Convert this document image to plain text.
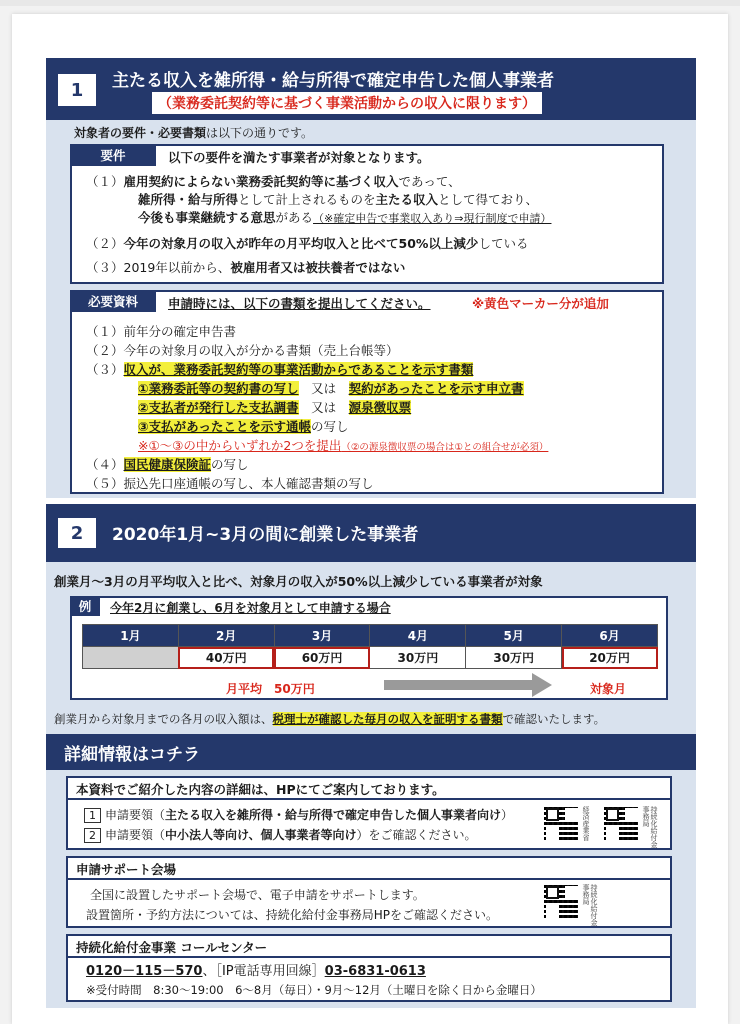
1	主たる収入を雑所得・給与所得で確定申告した個人事業者
（業務委託契約等に基づく事業活動からの収入に限ります）
対象者の要件・必要書類は以下の通りです。
要件	以下の要件を満たす事業者が対象となります。
（１）雇用契約によらない業務委託契約等に基づく収入であって、
雑所得・給与所得として計上されるものを主たる収入として得ており、
今後も事業継続する意思がある（※確定申告で事業収入あり⇒現行制度で申請）
（２）今年の対象月の収入が昨年の月平均収入と比べて50%以上減少している
（３）2019年以前から、被雇用者又は被扶養者ではない
必要資料	申請時には、以下の書類を提出してください。	※黄色マーカー分が追加
（１）前年分の確定申告書
（２）今年の対象月の収入が分かる書類（売上台帳等）
（３）収入が、業務委託契約等の事業活動からであることを示す書類
①業務委託等の契約書の写し　 又は　 契約があったことを示す申立書
②支払者が発行した支払調書　 又は　 源泉徴収票
③支払があったことを示す通帳の写し
※①～③の中からいずれか2つを提出（②の源泉徴収票の場合は①との組合せが必須）
（４）国民健康保険証の写し
（５）振込先口座通帳の写し、本人確認書類の写し
2	2020年1月~3月の間に創業した事業者
創業月～3月の月平均収入と比べ、対象月の収入が50%以上減少している事業者が対象
例	今年2月に創業し、6月を対象月として申請する場合
1月	2月	3月	4月	5月	6月
	40万円	60万円	30万円	30万円	20万円
月平均　50万円	対象月
創業月から対象月までの各月の収入額は、税理士が確認した毎月の収入を証明する書類で確認いたします。
詳細情報はコチラ
本資料でご紹介した内容の詳細は、HPにてご案内しております。
1 申請要領（主たる収入を雑所得・給与所得で確定申告した個人事業者向け）
2 申請要領（中小法人等向け、個人事業者等向け）をご確認ください。	経済産業省	持続化給付金事務局
申請サポート会場
全国に設置したサポート会場で、電子申請をサポートします。
設置箇所・予約方法については、持続化給付金事務局HPをご確認ください。	持続化給付金事務局
持続化給付金事業 コールセンター
0120－115－570、［IP電話専用回線］03-6831-0613
※受付時間　8:30～19:00　6～8月（毎日）・9月～12月（土曜日を除く日から金曜日）
